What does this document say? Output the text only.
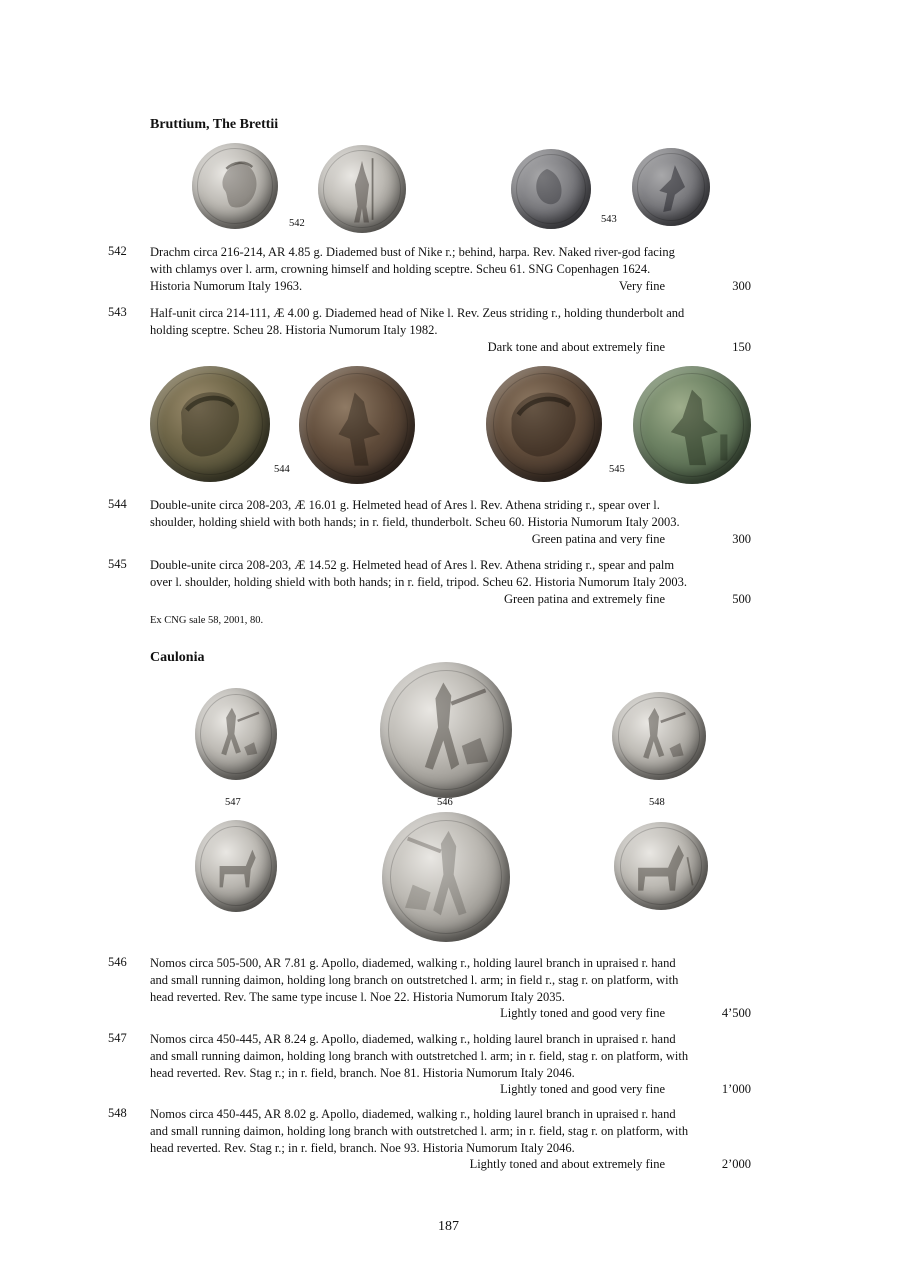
Bruttium, The Brettii
542	543
542	Drachm circa 216-214, AR 4.85 g. Diademed bust of Nike r.; behind, harpa. Rev. Naked river-god facing
with chlamys over l. arm, crowning himself and holding sceptre. Scheu 61. SNG Copenhagen 1624.
Historia Numorum Italy 1963.	Very fine	300
543	Half-unit circa 214-111, Æ 4.00 g. Diademed head of Nike l. Rev. Zeus striding r., holding thunderbolt and
holding sceptre. Scheu 28. Historia Numorum Italy 1982.
Dark tone and about extremely fine	150
544	545
544	Double-unite circa 208-203, Æ 16.01 g. Helmeted head of Ares l. Rev. Athena striding r., spear over l.
shoulder, holding shield with both hands; in r. field, thunderbolt. Scheu 60. Historia Numorum Italy 2003.
Green patina and very fine	300
545	Double-unite circa 208-203, Æ 14.52 g. Helmeted head of Ares l. Rev. Athena striding r., spear and palm
over l. shoulder, holding shield with both hands; in r. field, tripod. Scheu 62. Historia Numorum Italy 2003.
Green patina and extremely fine	500
Ex CNG sale 58, 2001, 80.
Caulonia
547	546	548
546	Nomos circa 505-500, AR 7.81 g. Apollo, diademed, walking r., holding laurel branch in upraised r. hand
and small running daimon, holding long branch on outstretched l. arm; in field r., stag r. on platform, with
head reverted. Rev. The same type incuse l. Noe 22. Historia Numorum Italy 2035.
Lightly toned and good very fine	4’500
547	Nomos circa 450-445, AR 8.24 g. Apollo, diademed, walking r., holding laurel branch in upraised r. hand
and small running daimon, holding long branch with outstretched l. arm; in r. field, stag r. on platform, with
head reverted. Rev. Stag r.; in r. field, branch. Noe 81. Historia Numorum Italy 2046.
Lightly toned and good very fine	1’000
548	Nomos circa 450-445, AR 8.02 g. Apollo, diademed, walking r., holding laurel branch in upraised r. hand
and small running daimon, holding long branch with outstretched l. arm; in r. field, stag r. on platform, with
head reverted. Rev. Stag r.; in r. field, branch. Noe 93. Historia Numorum Italy 2046.
Lightly toned and about extremely fine	2’000
187
